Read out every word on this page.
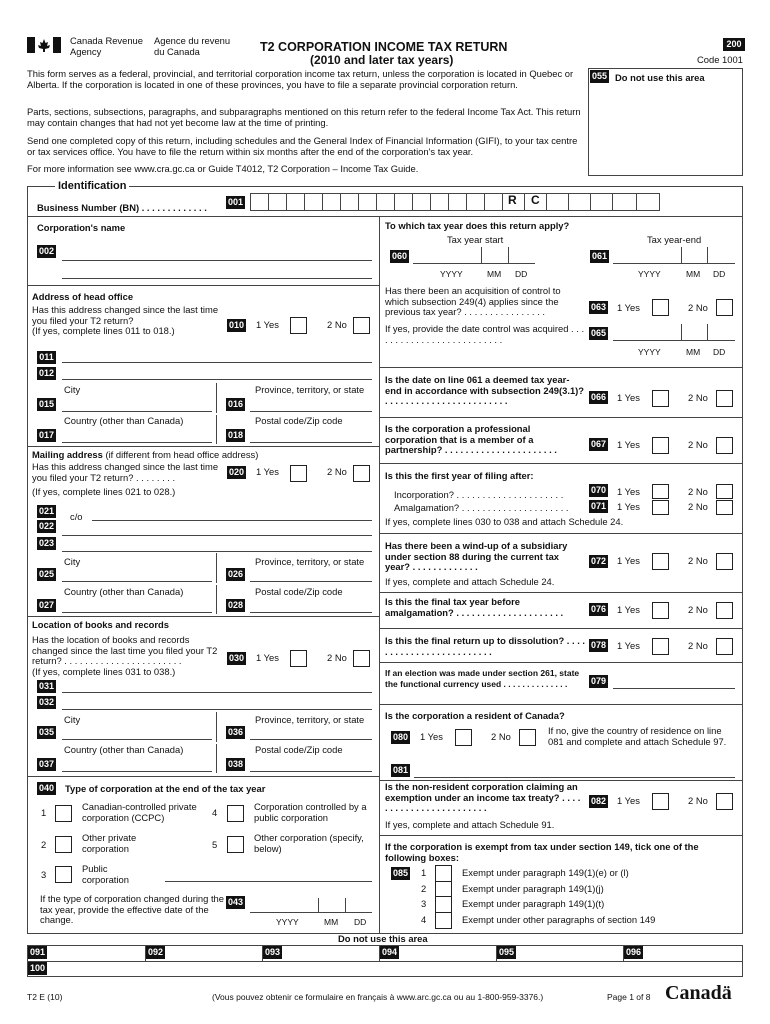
Canada Revenue
Agency
Agence du revenu
du Canada	T2 CORPORATION INCOME TAX RETURN
(2010 and later tax years)
200
Code 1001
055 Do not use this area
This form serves as a federal, provincial, and territorial corporation income tax return, unless the corporation is located in Quebec or Alberta. If the corporation is located in one of these provinces, you have to file a separate provincial corporation return.
Parts, sections, subsections, paragraphs, and subparagraphs mentioned on this return refer to the federal Income Tax Act. This return may contain changes that had not yet become law at the time of printing.
Send one completed copy of this return, including schedules and the General Index of Financial Information (GIFI), to your tax centre or tax services office. You have to file the return within six months after the end of the corporation's tax year.
For more information see www.cra.gc.ca or Guide T4012, T2 Corporation – Income Tax Guide.
Identification
Business Number (BN) . . . . . . . . . . . . . 001	R C
Corporation's name
002
Address of head office
Has this address changed since the last time you filed your T2 return?
(If yes, complete lines 011 to 018.)	010 1 Yes	2 No
011
012
City	Province, territory, or state
015	016
Country (other than Canada)	Postal code/Zip code
017	018
Mailing address (if different from head office address)
Has this address changed since the last time you filed your T2 return? . . . . . . . .
(If yes, complete lines 021 to 028.)
020 1 Yes	2 No
021 c/o
022
023
City	Province, territory, or state
025	026
Country (other than Canada)	Postal code/Zip code
027	028
Location of books and records
Has the location of books and records changed since the last time you filed your T2 return? . . . . . . . . . . . . . . . . . . . . . . .
(If yes, complete lines 031 to 038.)
030 1 Yes	2 No
031
032
City	Province, territory, or state
035	036
Country (other than Canada)	Postal code/Zip code
037	038
040 Type of corporation at the end of the tax year
1
Canadian-controlled private corporation (CCPC)
2
Other private corporation
3
Public corporation
4
Corporation controlled by a public corporation
5
Other corporation (specify, below)
If the type of corporation changed during the tax year, provide the effective date of the change.
043
YYYY	MM DD
To which tax year does this return apply?
Tax year start	Tax year-end
060
YYYY	MM DD
061
YYYY	MM DD
Has there been an acquisition of control to which subsection 249(4) applies since the previous tax year? . . . . . . . . . . . . . . . .	063 1 Yes	2 No
If yes, provide the date control was acquired . . . . . . . . . . . . . . . . . . . . . . . . . .
065
YYYY	MM DD
Is the date on line 061 a deemed tax year-end in accordance with subsection 249(3.1)? . . . . . . . . . . . . . . . . . . . . . . . .	066 1 Yes	2 No
Is the corporation a professional corporation that is a member of a partnership? . . . . . . . . . . . . . . . . . . . . . .	067 1 Yes	2 No
Is this the first year of filing after:
Incorporation? . . . . . . . . . . . . . . . . . . . . .
Amalgamation? . . . . . . . . . . . . . . . . . . . . .
070
071
1 Yes	2 No
1 Yes	2 No
If yes, complete lines 030 to 038 and attach Schedule 24.
Has there been a wind-up of a subsidiary under section 88 during the current tax year? . . . . . . . . . . . . .	072 1 Yes	2 No
If yes, complete and attach Schedule 24.
Is this the final tax year before amalgamation? . . . . . . . . . . . . . . . . . . . . .	076 1 Yes	2 No
Is this the final return up to dissolution? . . . . . . . . . . . . . . . . . . . . . . . . .
078 1 Yes	2 No
If an election was made under section 261, state the functional currency used . . . . . . . . . . . . . .	079
Is the corporation a resident of Canada?
080 1 Yes	2 No
If no, give the country of residence on line 081 and complete and attach Schedule 97.
081
Is the non-resident corporation claiming an exemption under an income tax treaty? . . . . . . . . . . . . . . . . . . . . . . . .
082 1 Yes	2 No
If yes, complete and attach Schedule 91.
If the corporation is exempt from tax under section 149, tick one of the following boxes:
085 1	Exempt under paragraph 149(1)(e) or (l)
2	Exempt under paragraph 149(1)(j)
3	Exempt under paragraph 149(1)(t)
4	Exempt under other paragraphs of section 149
Do not use this area
091	092	093	094	095	096
100
T2 E (10)	(Vous pouvez obtenir ce formulaire en français à www.arc.gc.ca ou au 1-800-959-3376.)	Page 1 of 8 Canadä
